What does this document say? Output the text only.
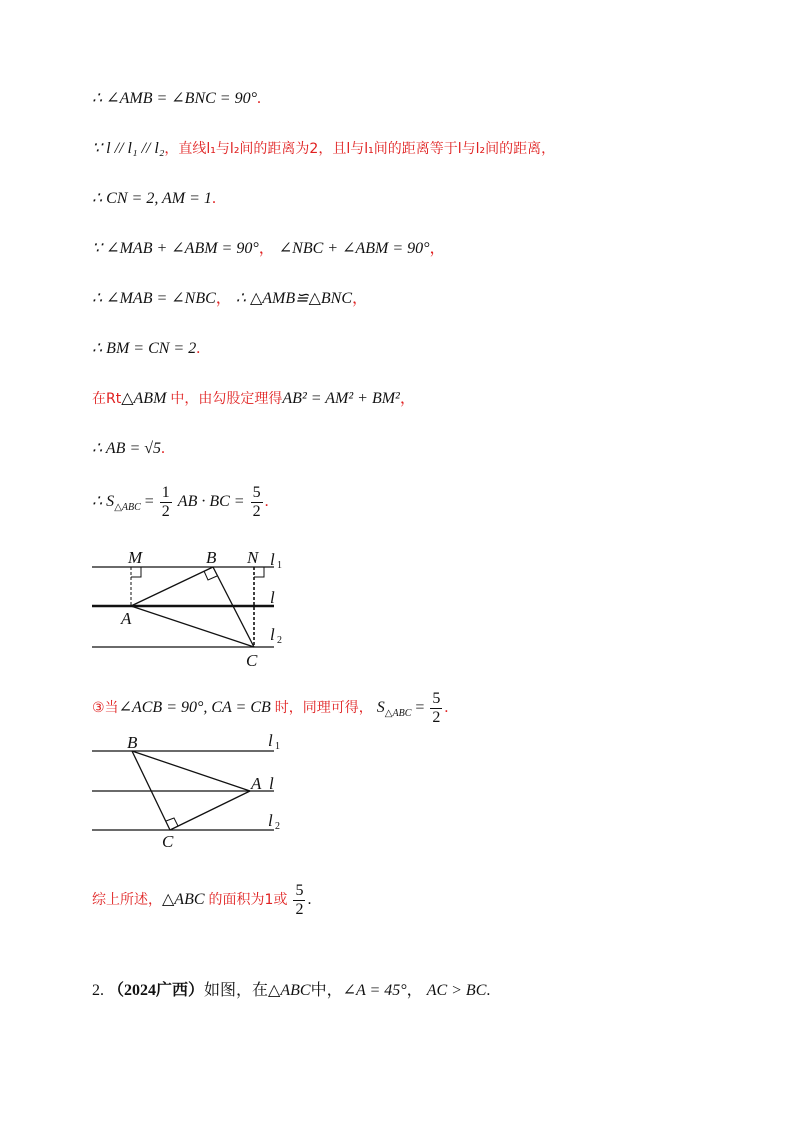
∴ ∠AMB = ∠BNC = 90°.
∵ l // l₁ // l₂，直线l₁与l₂间的距离为2，且l与l₁间的距离等于l与l₂间的距离，
∴ CN = 2, AM = 1.
∵ ∠MAB + ∠ABM = 90°， ∠NBC + ∠ABM = 90°，
∴ ∠MAB = ∠NBC， ∴ △AMB≌△BNC，
∴ BM = CN = 2.
在Rt△ABM 中，由勾股定理得AB² = AM² + BM²，
∴ AB = √5.
∴ $S_{\triangle ABC} = \frac{1}{2}$ AB · BC = $\frac{5}{2}$ .
M	B N l 1
l
A
l 2
C
③当∠ACB = 90°, CA = CB 时，同理可得， $S_{\triangle ABC} = \frac{5}{2}$ .
B	l 1
A l
l 2
C
综上所述，△ABC 的面积为1或 $\frac{5}{2}$ .
2. （2024广西）如图，在△ABC中，∠A = 45°， AC > BC.
